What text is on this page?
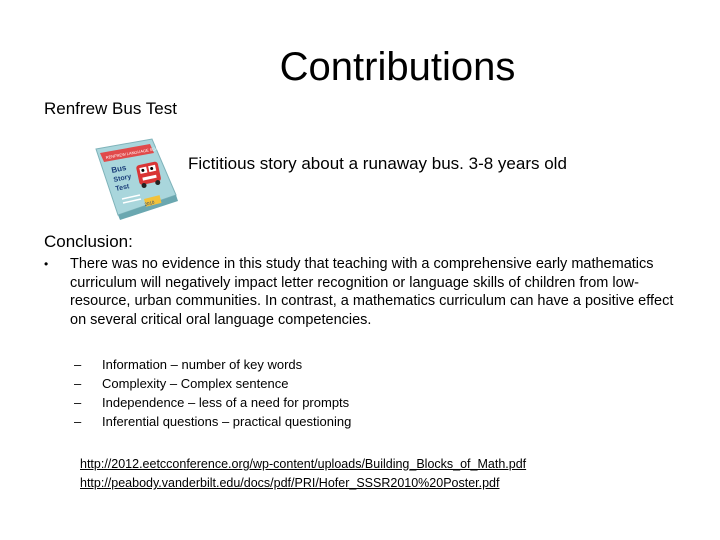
Contributions
Renfrew Bus Test
RENFREW LANGUAGE SCALES
Bus
Story
Test
2010
Fictitious story about a runaway bus. 3-8 years old
Conclusion:
•	There was no evidence in this study that teaching with a comprehensive early mathematics curriculum will negatively impact letter recognition or language skills of children from low-resource, urban communities. In contrast, a mathematics curriculum can have a positive effect on several critical oral language competencies.
– Information – number of key words
– Complexity – Complex sentence
– Independence – less of a need for prompts
– Inferential questions – practical questioning
http://2012.eetcconference.org/wp-content/uploads/Building_Blocks_of_Math.pdf
http://peabody.vanderbilt.edu/docs/pdf/PRI/Hofer_SSSR2010%20Poster.pdf
